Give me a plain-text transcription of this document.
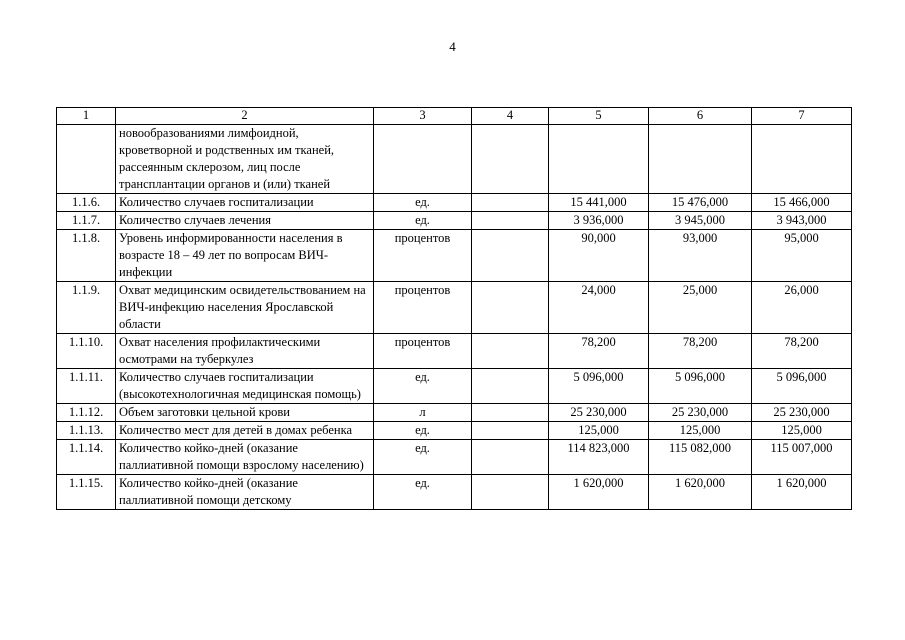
4
1	2	3	4	5	6	7
	новообразованиями лимфоидной, кроветворной и родственных им тканей, рассеянным склерозом, лиц после трансплантации органов и (или) тканей					
1.1.6.	Количество случаев госпитализации	ед.		15 441,000	15 476,000	15 466,000
1.1.7.	Количество случаев лечения	ед.		3 936,000	3 945,000	3 943,000
1.1.8.	Уровень информированности населения в возрасте 18 – 49 лет по вопросам ВИЧ-инфекции	процентов		90,000	93,000	95,000
1.1.9.	Охват медицинским освидетельствованием на ВИЧ-инфекцию населения Ярославской области	процентов		24,000	25,000	26,000
1.1.10.	Охват населения профилактическими осмотрами на туберкулез	процентов		78,200	78,200	78,200
1.1.11.	Количество случаев госпитализации (высокотехнологичная медицинская помощь)	ед.		5 096,000	5 096,000	5 096,000
1.1.12.	Объем заготовки цельной крови	л		25 230,000	25 230,000	25 230,000
1.1.13.	Количество мест для детей в домах ребенка	ед.		125,000	125,000	125,000
1.1.14.	Количество койко-дней (оказание паллиативной помощи взрослому населению)	ед.		114 823,000	115 082,000	115 007,000
1.1.15.	Количество койко-дней (оказание паллиативной помощи детскому	ед.		1 620,000	1 620,000	1 620,000
